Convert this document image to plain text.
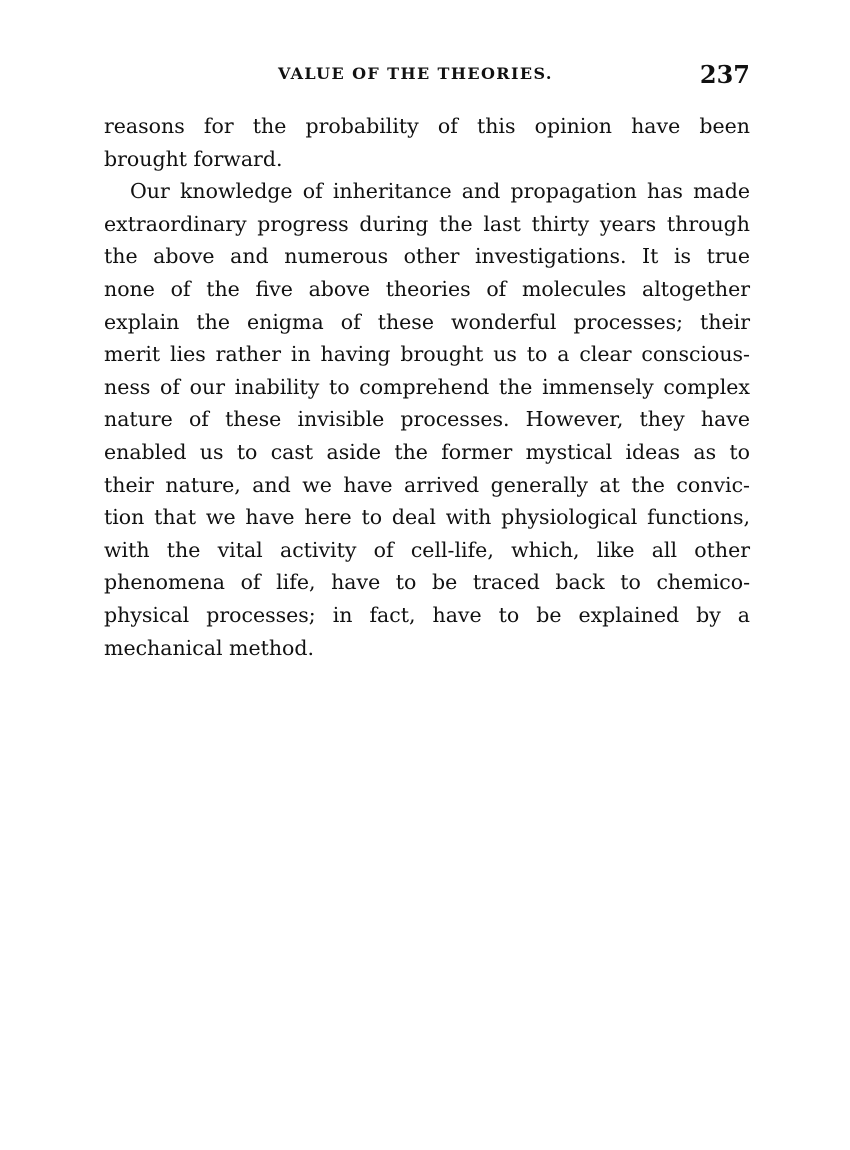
VALUE OF THE THEORIES.	237
reasons for the probability of this opinion have been
brought forward.
Our knowledge of inheritance and propagation has made
extraordinary progress during the last thirty years through
the above and numerous other investigations. It is true
none of the five above theories of molecules altogether
explain the enigma of these wonderful processes; their
merit lies rather in having brought us to a clear conscious-
ness of our inability to comprehend the immensely complex
nature of these invisible processes. However, they have
enabled us to cast aside the former mystical ideas as to
their nature, and we have arrived generally at the convic-
tion that we have here to deal with physiological functions,
with the vital activity of cell-life, which, like all other
phenomena of life, have to be traced back to chemico-
physical processes; in fact, have to be explained by a
mechanical method.
